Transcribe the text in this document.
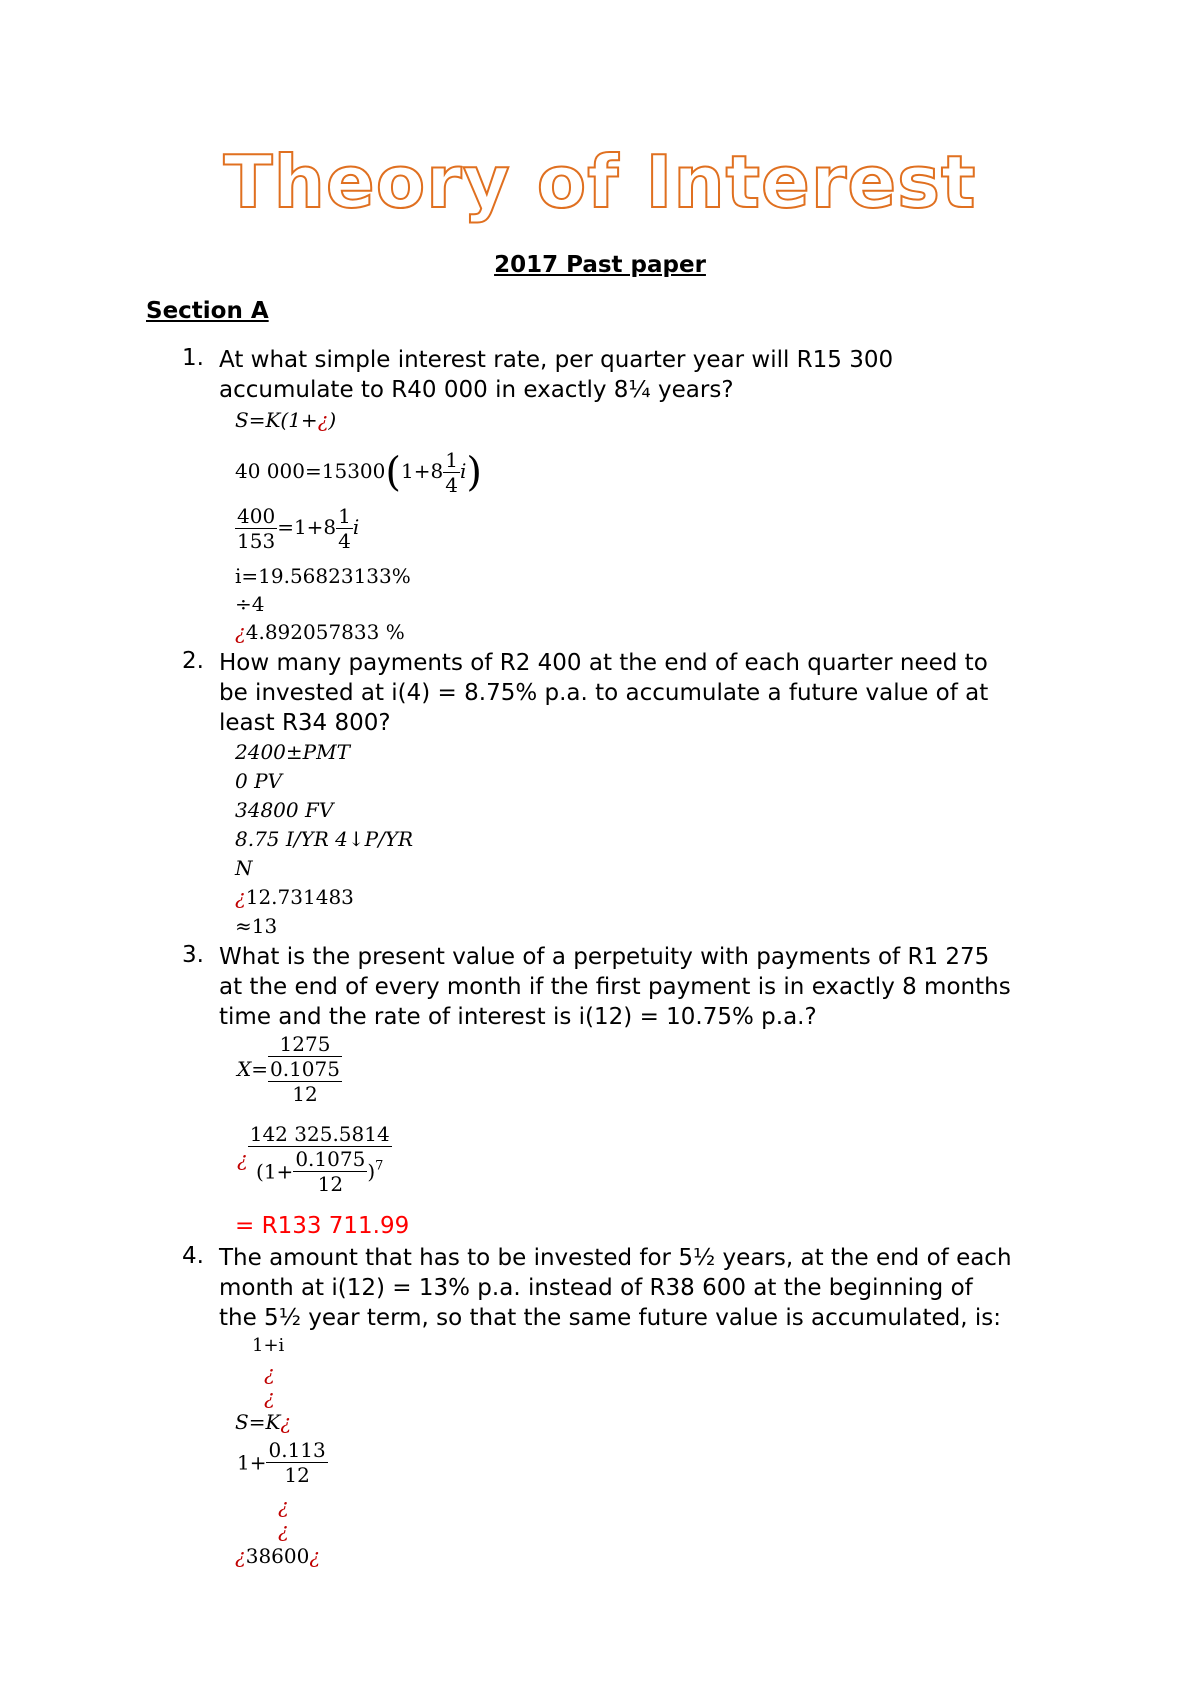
Theory of Interest
2017 Past paper
Section A
1. At what simple interest rate, per quarter year will R15 300
accumulate to R40 000 in exactly 8¼ years?
S=K(1+¿)
40 $000=15300(1+8 \frac{1}{4} i)$
$\frac{400}{153} =1+8 \frac{1}{4}$ i
i=19.56823133%
÷4
¿4.892057833 %
2. How many payments of R2 400 at the end of each quarter need to
be invested at i(4) = 8.75% p.a. to accumulate a future value of at
least R34 800?
2400±PMT
0 PV
34800 FV
8.75 I/YR 4↓P/YR
N
¿12.731483
≈13
3. What is the present value of a perpetuity with payments of R1 275
at the end of every month if the first payment is in exactly 8 months
time and the rate of interest is i(12) = 10.75% p.a.?
$X= \frac{1275}{\frac{0.1075}{12}}$
¿ $\frac{142 325.5814}{(1+ \frac{0.1075}{12} )^7}$
= R133 711.99
4. The amount that has to be invested for 5½ years, at the end of each
month at i(12) = 13% p.a. instead of R38 600 at the beginning of
the 5½ year term, so that the same future value is accumulated, is:
1+i
¿
¿
S=K¿
$1+ \frac{0.113}{12}$
¿
¿
¿38600¿
